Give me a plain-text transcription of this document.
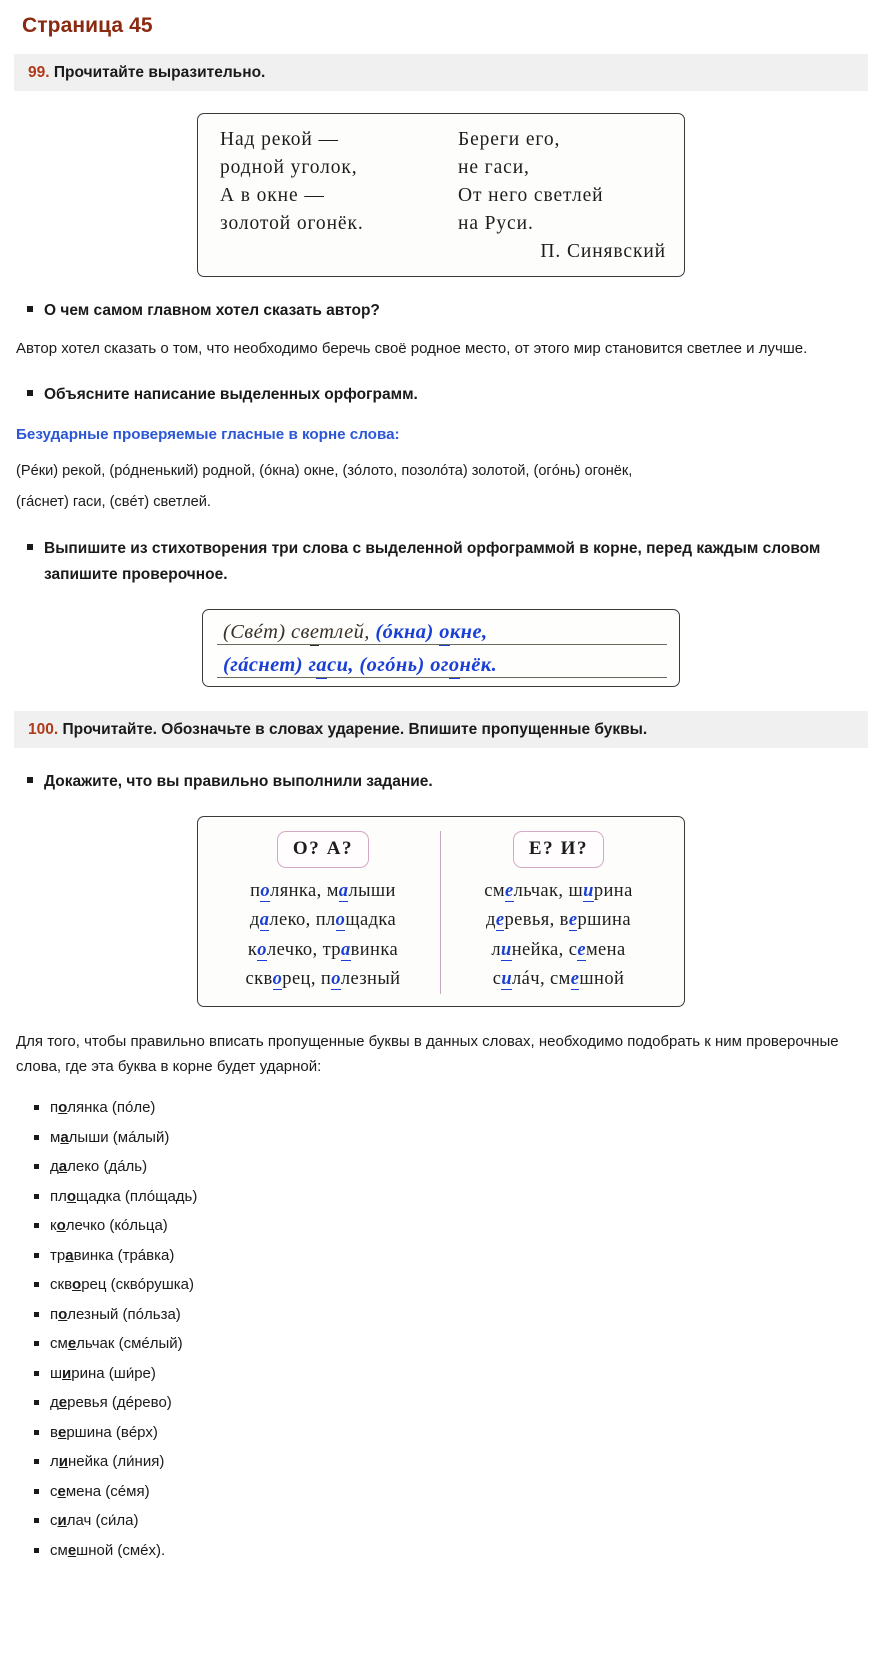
Страница 45
99. Прочитайте выразительно.
Над рекой —
родной уголок,
А в окне —
золотой огонёк.
Береги его,
не гаси,
От него светлей
на Руси.
П. Синявский
О чем самом главном хотел сказать автор?
Автор хотел сказать о том, что необходимо беречь своё родное место, от этого мир становится светлее и лучше.
Объясните написание выделенных орфограмм.
Безударные проверяемые гласные в корне слова:
(Рéки) рекой, (рóдненький) родной, (óкна) окне, (зóлото, позолóта) золотой, (огóнь) огонёк,
(гáснет) гаси, (свéт) светлей.
Выпишите из стихотворения три слова с выделенной орфограммой в корне, перед каждым словом запишите проверочное.
(Свéт) светлей, (óкна) окне,
(гáснет) гаси, (огóнь) огонёк.
100. Прочитайте. Обозначьте в словах ударение. Впишите пропущенные буквы.
Докажите, что вы правильно выполнили задание.
О? А?
полянка, малыши
далеко, площадка
колечко, травинка
скворец, полезный
Е? И?
смельчак, ширина
деревья, вершина
линейка, семена
силáч, смешной
Для того, чтобы правильно вписать пропущенные буквы в данных словах, необходимо подобрать к ним проверочные слова, где эта буква в корне будет ударной:
полянка (пóле)
малыши (мáлый)
далеко (дáль)
площадка (плóщадь)
колечко (кóльца)
травинка (трáвка)
скворец (сквóрушка)
полезный (пóльза)
смельчак (смéлый)
ширина (ши́ре)
деревья (дéрево)
вершина (вéрх)
линейка (ли́ния)
семена (сéмя)
силач (си́ла)
смешной (смéх).
